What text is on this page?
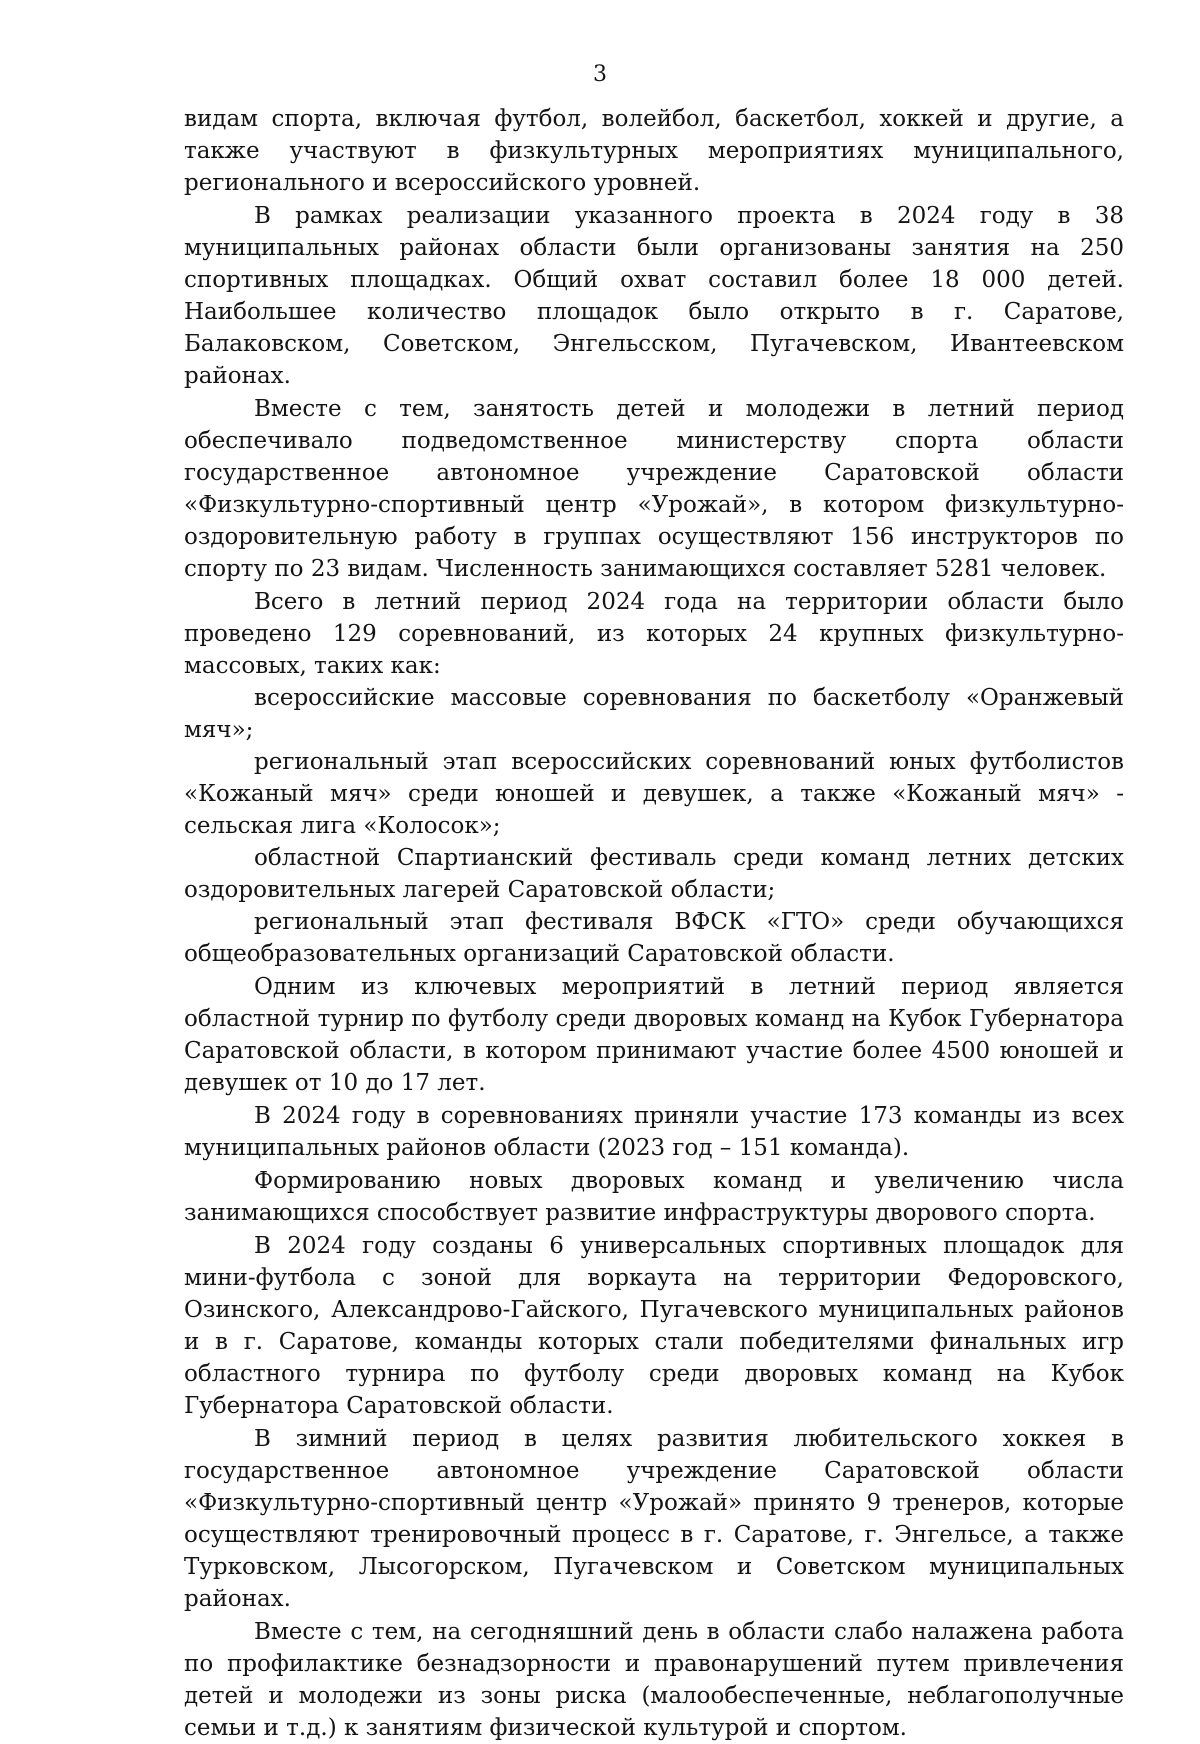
3

видам спорта, включая футбол, волейбол, баскетбол, хоккей и другие, а также участвуют в физкультурных мероприятиях муниципального, регионального и всероссийского уровней.

В рамках реализации указанного проекта в 2024 году в 38 муниципальных районах области были организованы занятия на 250 спортивных площадках. Общий охват составил более 18 000 детей. Наибольшее количество площадок было открыто в г. Саратове, Балаковском, Советском, Энгельсском, Пугачевском, Ивантеевском районах.

Вместе с тем, занятость детей и молодежи в летний период обеспечивало подведомственное министерству спорта области государственное автономное учреждение Саратовской области «Физкультурно-спортивный центр «Урожай», в котором физкультурно-оздоровительную работу в группах осуществляют 156 инструкторов по спорту по 23 видам. Численность занимающихся составляет 5281 человек.

Всего в летний период 2024 года на территории области было проведено 129 соревнований, из которых 24 крупных физкультурно-массовых, таких как:

всероссийские массовые соревнования по баскетболу «Оранжевый мяч»;

региональный этап всероссийских соревнований юных футболистов «Кожаный мяч» среди юношей и девушек, а также «Кожаный мяч» - сельская лига «Колосок»;

областной Спартианский фестиваль среди команд летних детских оздоровительных лагерей Саратовской области;

региональный этап фестиваля ВФСК «ГТО» среди обучающихся общеобразовательных организаций Саратовской области.

Одним из ключевых мероприятий в летний период является областной турнир по футболу среди дворовых команд на Кубок Губернатора Саратовской области, в котором принимают участие более 4500 юношей и девушек от 10 до 17 лет.

В 2024 году в соревнованиях приняли участие 173 команды из всех муниципальных районов области (2023 год – 151 команда).

Формированию новых дворовых команд и увеличению числа занимающихся способствует развитие инфраструктуры дворового спорта.

В 2024 году созданы 6 универсальных спортивных площадок для мини-футбола с зоной для воркаута на территории Федоровского, Озинского, Александрово-Гайского, Пугачевского муниципальных районов и в г. Саратове, команды которых стали победителями финальных игр областного турнира по футболу среди дворовых команд на Кубок Губернатора Саратовской области.

В зимний период в целях развития любительского хоккея в государственное автономное учреждение Саратовской области «Физкультурно-спортивный центр «Урожай» принято 9 тренеров, которые осуществляют тренировочный процесс в г. Саратове, г. Энгельсе, а также Турковском, Лысогорском, Пугачевском и Советском муниципальных районах.

Вместе с тем, на сегодняшний день в области слабо налажена работа по профилактике безнадзорности и правонарушений путем привлечения детей и молодежи из зоны риска (малообеспеченные, неблагополучные семьи и т.д.) к занятиям физической культурой и спортом.
